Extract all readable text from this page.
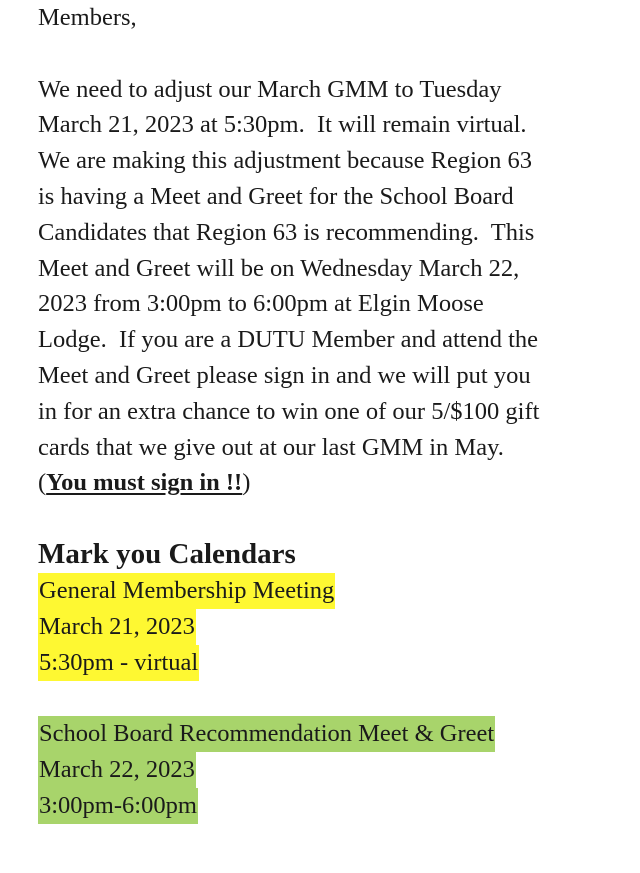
Members,
We need to adjust our March GMM to Tuesday
March 21, 2023 at 5:30pm.  It will remain virtual.
We are making this adjustment because Region 63
is having a Meet and Greet for the School Board
Candidates that Region 63 is recommending.  This
Meet and Greet will be on Wednesday March 22,
2023 from 3:00pm to 6:00pm at Elgin Moose
Lodge.  If you are a DUTU Member and attend the
Meet and Greet please sign in and we will put you
in for an extra chance to win one of our 5/$100 gift
cards that we give out at our last GMM in May.
(You must sign in !!)
Mark you Calendars
General Membership Meeting
March 21, 2023
5:30pm - virtual
School Board Recommendation Meet & Greet
March 22, 2023
3:00pm-6:00pm
